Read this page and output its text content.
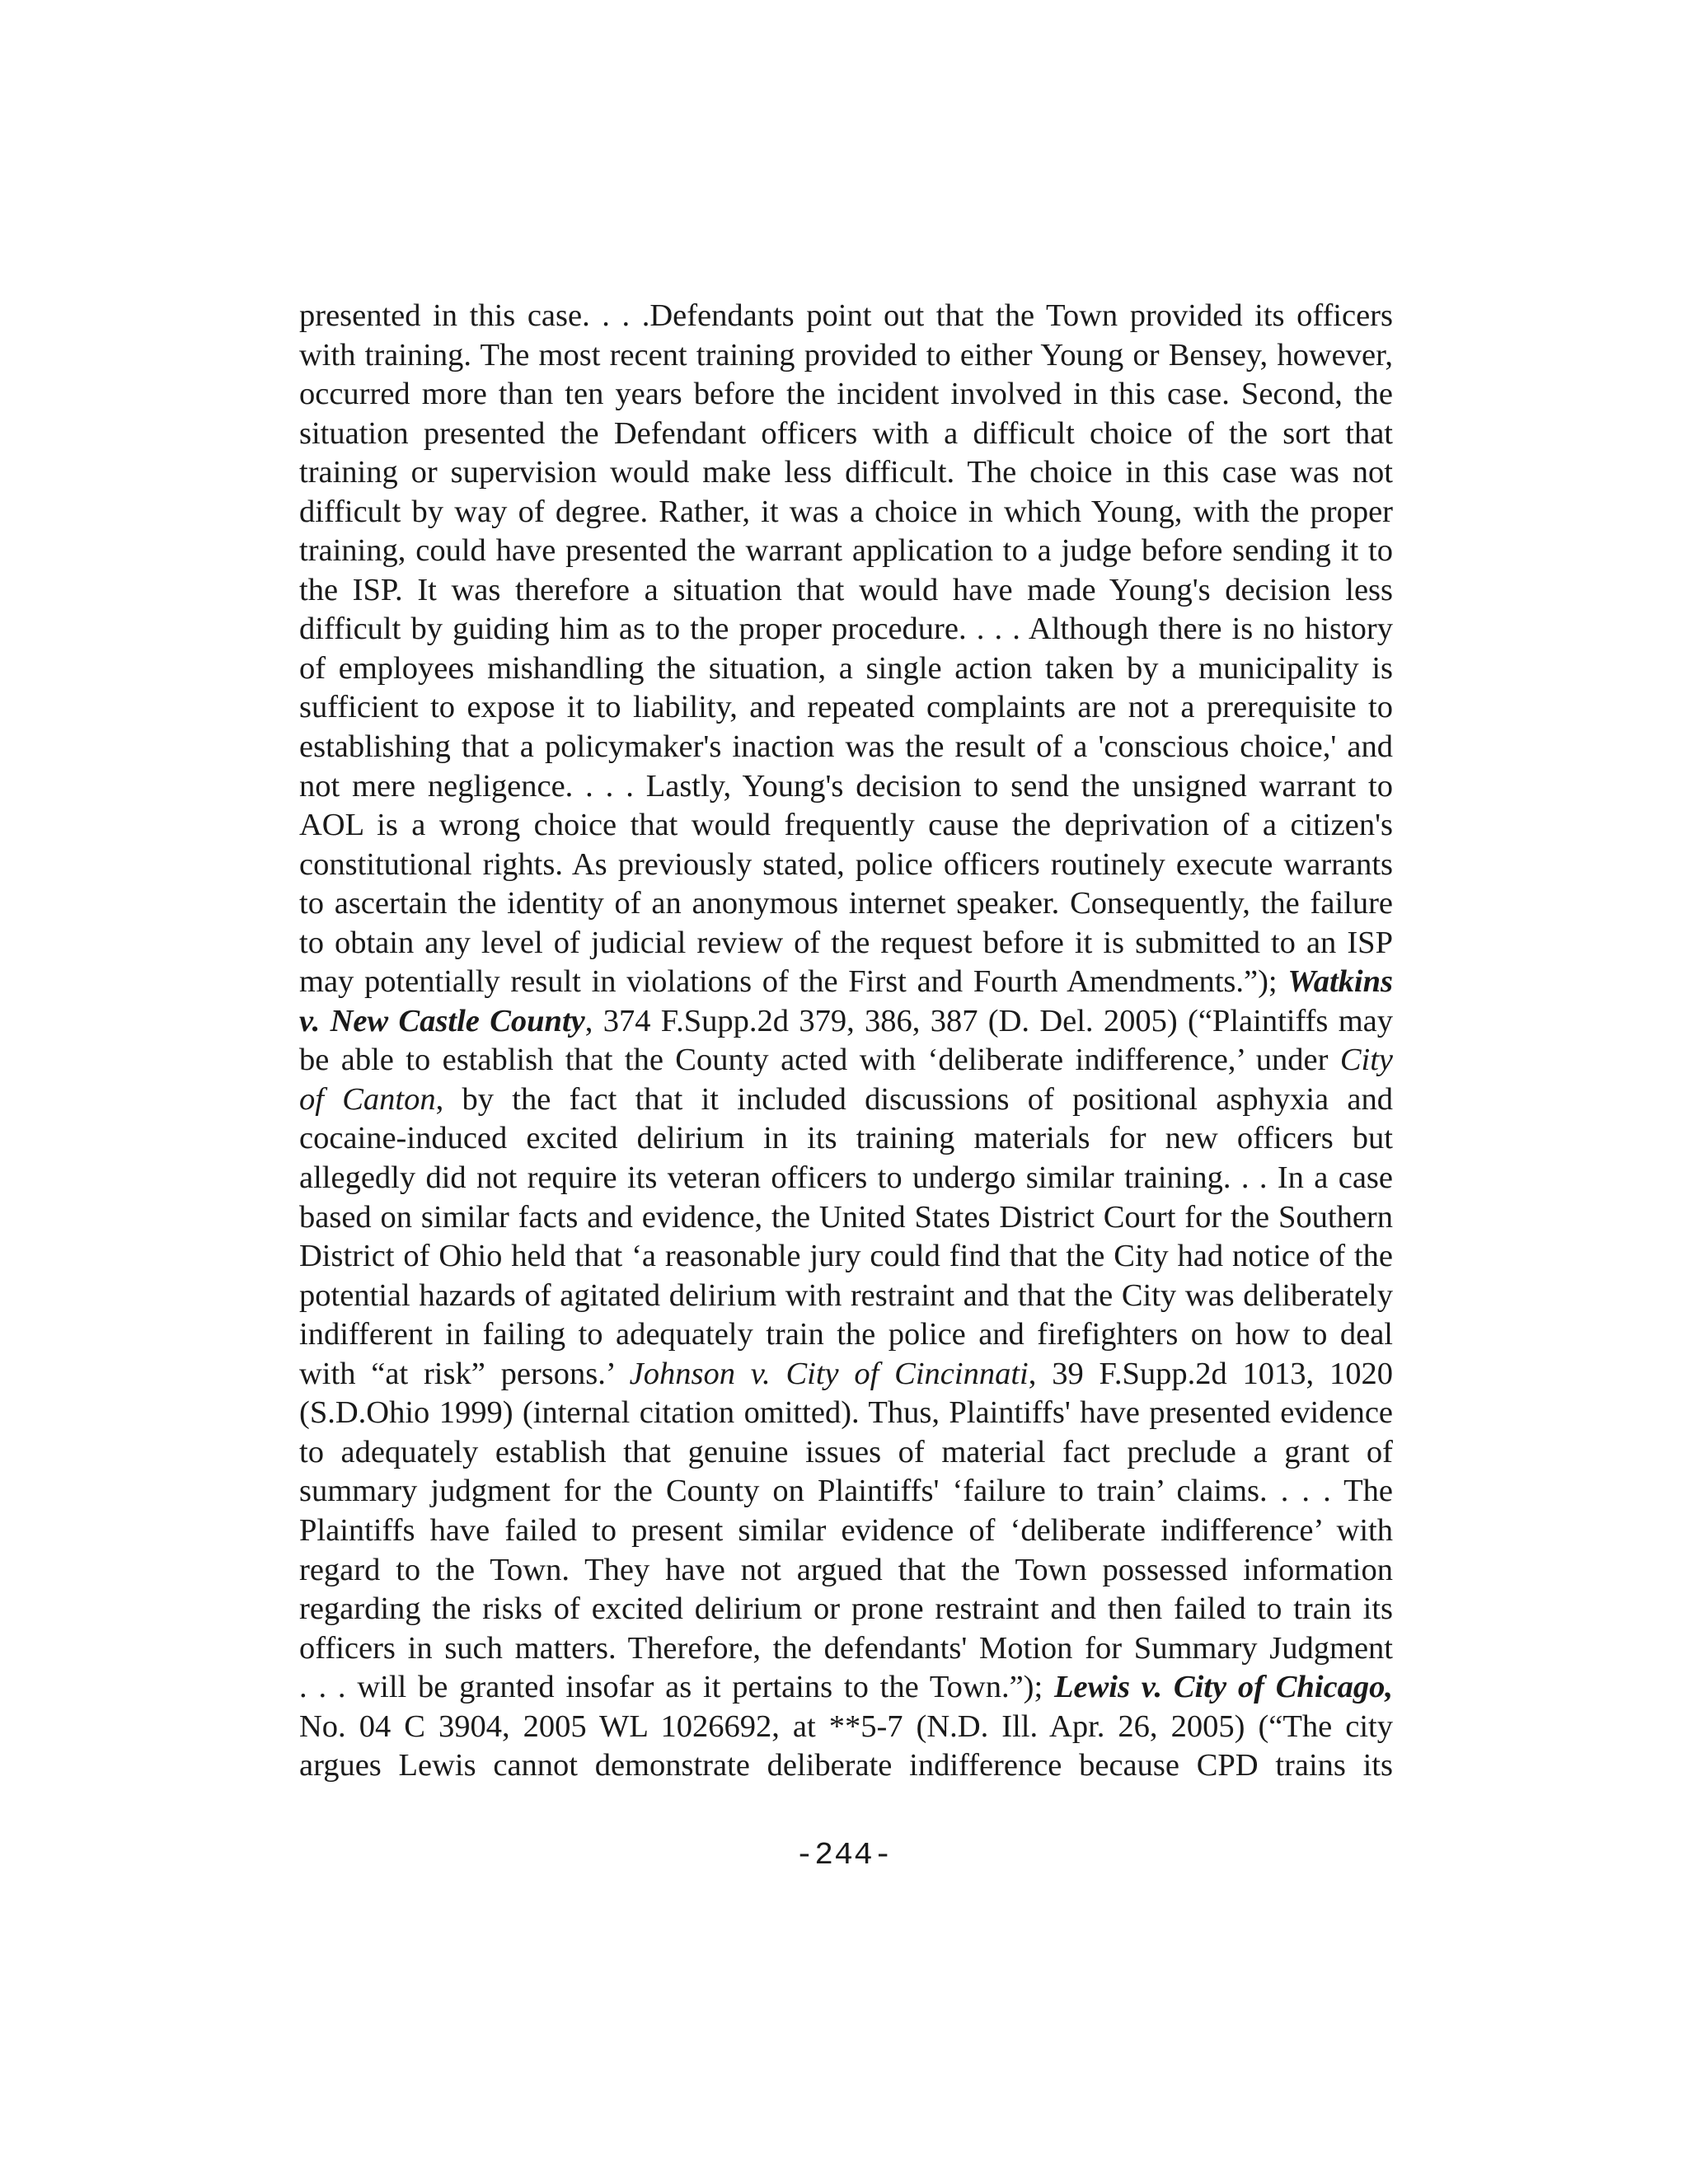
presented in this case. . . .Defendants point out that the Town provided its officers
with training. The most recent training provided to either Young or Bensey, however,
occurred more than ten years before the incident involved in this case. Second, the
situation presented the Defendant officers with a difficult choice of the sort that
training or supervision would make less difficult. The choice in this case was not
difficult by way of degree. Rather, it was a choice in which Young, with the proper
training, could have presented the warrant application to a judge before sending it to
the ISP. It was therefore a situation that would have made Young's decision less
difficult by guiding him as to the proper procedure. . . . Although there is no history
of employees mishandling the situation, a single action taken by a municipality is
sufficient to expose it to liability, and repeated complaints are not a prerequisite to
establishing that a policymaker's inaction was the result of a 'conscious choice,' and
not mere negligence. . . . Lastly, Young's decision to send the unsigned warrant to
AOL is a wrong choice that would frequently cause the deprivation of a citizen's
constitutional rights. As previously stated, police officers routinely execute warrants
to ascertain the identity of an anonymous internet speaker. Consequently, the failure
to obtain any level of judicial review of the request before it is submitted to an ISP
may potentially result in violations of the First and Fourth Amendments.”); Watkins
v. New Castle County, 374 F.Supp.2d 379, 386, 387 (D. Del. 2005) (“Plaintiffs may
be able to establish that the County acted with ‘deliberate indifference,’ under City
of Canton, by the fact that it included discussions of positional asphyxia and
cocaine-induced excited delirium in its training materials for new officers but
allegedly did not require its veteran officers to undergo similar training. . . In a case
based on similar facts and evidence, the United States District Court for the Southern
District of Ohio held that ‘a reasonable jury could find that the City had notice of the
potential hazards of agitated delirium with restraint and that the City was deliberately
indifferent in failing to adequately train the police and firefighters on how to deal
with “at risk” persons.’ Johnson v. City of Cincinnati, 39 F.Supp.2d 1013, 1020
(S.D.Ohio 1999) (internal citation omitted). Thus, Plaintiffs' have presented evidence
to adequately establish that genuine issues of material fact preclude a grant of
summary judgment for the County on Plaintiffs' ‘failure to train’ claims. . . . The
Plaintiffs have failed to present similar evidence of ‘deliberate indifference’ with
regard to the Town. They have not argued that the Town possessed information
regarding the risks of excited delirium or prone restraint and then failed to train its
officers in such matters. Therefore, the defendants' Motion for Summary Judgment
. . . will be granted insofar as it pertains to the Town.”); Lewis v. City of Chicago,
No. 04 C 3904, 2005 WL 1026692, at **5-7 (N.D. Ill. Apr. 26, 2005) (“The city
argues Lewis cannot demonstrate deliberate indifference because CPD trains its
-244-
